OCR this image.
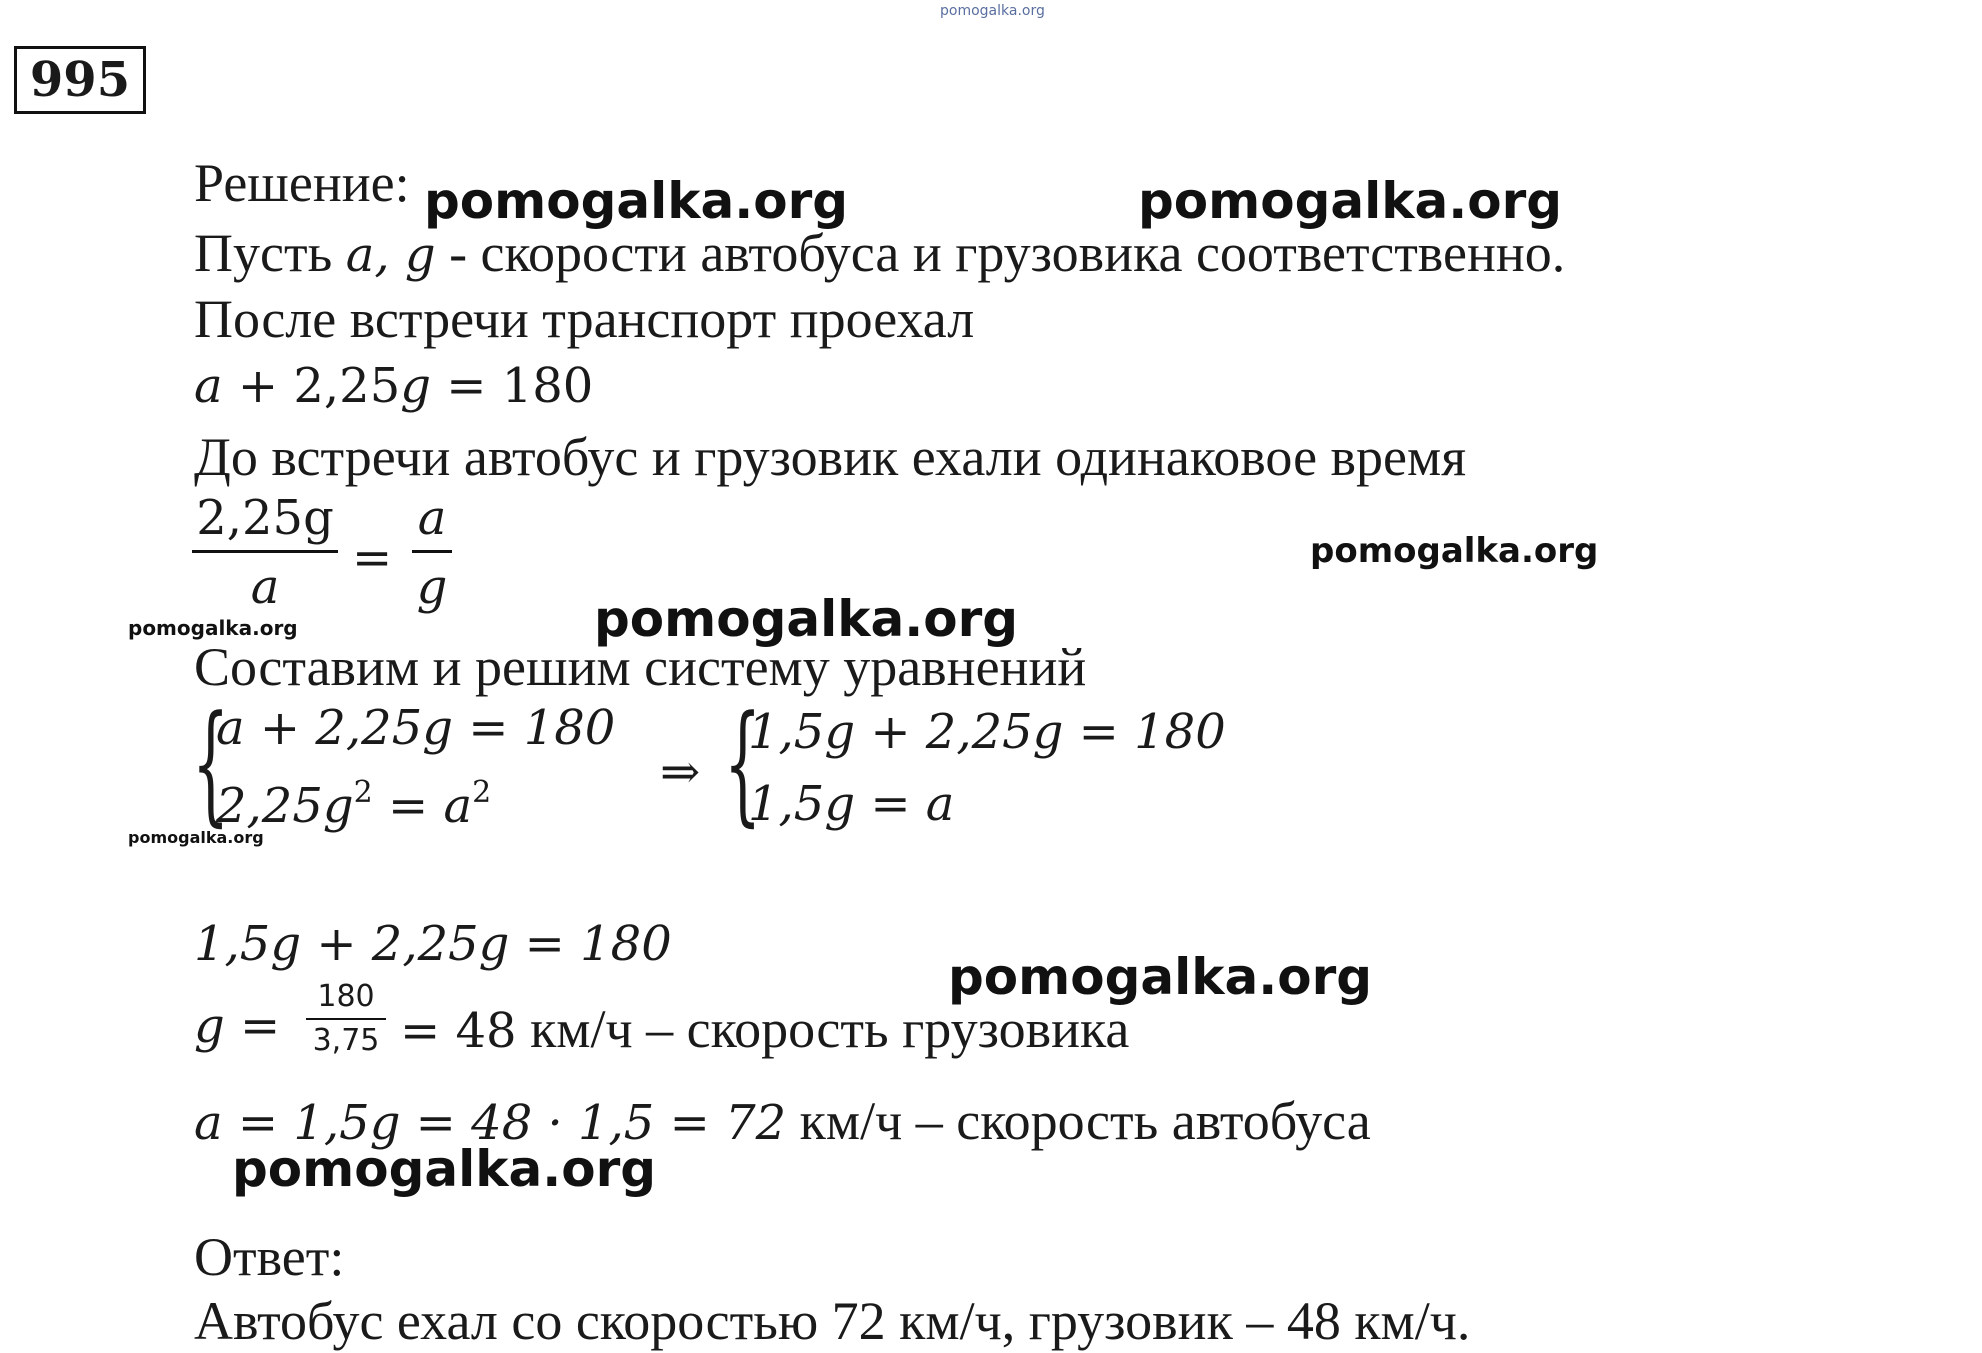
pomogalka.org
995
Решение:
Пусть a, g - скорости автобуса и грузовика соответственно.
После встречи транспорт проехал
a + 2,25g = 180
До встречи автобус и грузовик ехали одинаковое время
2,25g
a
=
a
g
Составим и решим систему уравнений
{
a + 2,25g = 180
$2,25g^2 = a^2$	⇒ {
1,5g + 2,25g = 180
1,5g = a
1,5g + 2,25g = 180
g =
180
3,75 = 48 км/ч – скорость грузовика
a = 1,5g = 48 · 1,5 = 72 км/ч – скорость автобуса
Ответ:
Автобус ехал со скоростью 72 км/ч, грузовик – 48 км/ч.
pomogalka.org	pomogalka.org
pomogalka.org
pomogalka.org	pomogalka.org
pomogalka.org
pomogalka.org
pomogalka.org
